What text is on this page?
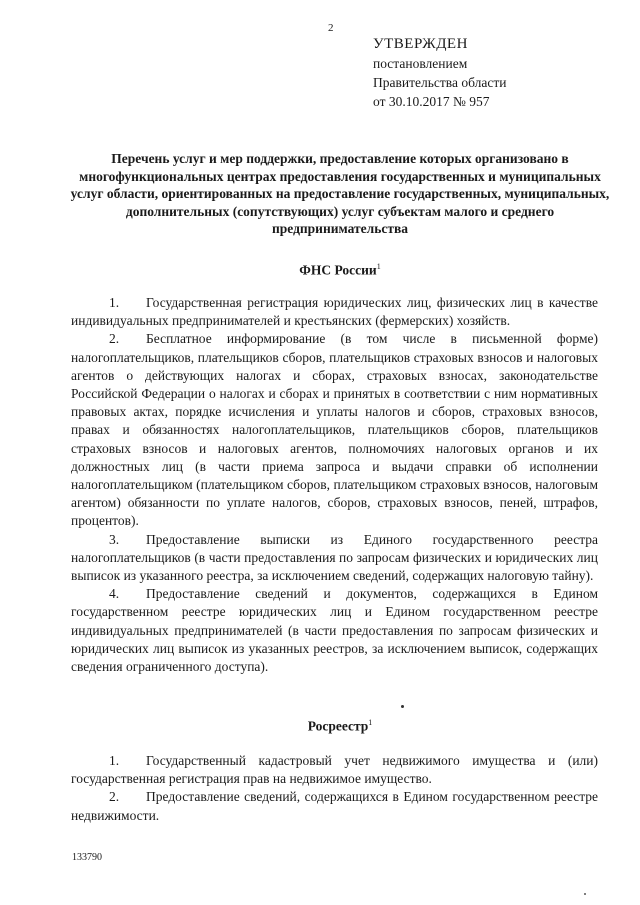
2
УТВЕРЖДЕН
постановлением
Правительства области
от 30.10.2017 № 957
Перечень услуг и мер поддержки, предоставление которых организовано в многофункциональных центрах предоставления государственных и муниципальных услуг области, ориентированных на предоставление государственных, муниципальных, дополнительных (сопутствующих) услуг субъектам малого и среднего предпринимательства
ФНС России$^1$
1. Государственная регистрация юридических лиц, физических лиц в качестве индивидуальных предпринимателей и крестьянских (фермерских) хозяйств.
2. Бесплатное информирование (в том числе в письменной форме) налогоплательщиков, плательщиков сборов, плательщиков страховых взносов и налоговых агентов о действующих налогах и сборах, страховых взносах, законодательстве Российской Федерации о налогах и сборах и принятых в соответствии с ним нормативных правовых актах, порядке исчисления и уплаты налогов и сборов, страховых взносов, правах и обязанностях налогоплательщиков, плательщиков сборов, плательщиков страховых взносов и налоговых агентов, полномочиях налоговых органов и их должностных лиц (в части приема запроса и выдачи справки об исполнении налогоплательщиком (плательщиком сборов, плательщиком страховых взносов, налоговым агентом) обязанности по уплате налогов, сборов, страховых взносов, пеней, штрафов, процентов).
3. Предоставление выписки из Единого государственного реестра налогоплательщиков (в части предоставления по запросам физических и юридических лиц выписок из указанного реестра, за исключением сведений, содержащих налоговую тайну).
4. Предоставление сведений и документов, содержащихся в Едином государственном реестре юридических лиц и Едином государственном реестре индивидуальных предпринимателей (в части предоставления по запросам физических и юридических лиц выписок из указанных реестров, за исключением выписок, содержащих сведения ограниченного доступа).
Росреестр$^1$
1. Государственный кадастровый учет недвижимого имущества и (или) государственная регистрация прав на недвижимое имущество.
2. Предоставление сведений, содержащихся в Едином государственном реестре недвижимости.
133790
